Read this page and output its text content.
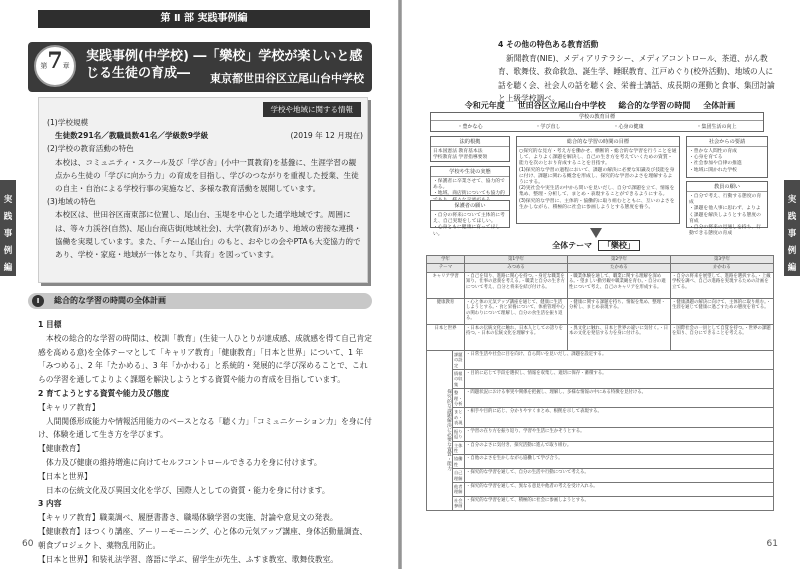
第 Ⅱ 部 実践事例編
実
践
事
例
編
第7章
実践事例(中学校) ―「樂校」学校が楽しいと感じる生徒の育成―	東京都世田谷区立尾山台中学校
学校や地域に関する情報
(1)学校規模
生徒数291名／教職員数41名／学級数9学級	(2019 年 12 月現在)
(2)学校の教育活動の特色
本校は、コミュニティ・スクール及び「学び舎」(小中一貫教育)を基盤に、生涯学習の観点から生徒の「学びに向かう力」の育成を目指し、学びのつながりを重視した授業、生徒の自主・自治による学校行事の実施など、多様な教育活動を展開しています。
(3)地域の特色
本校区は、世田谷区南東部に位置し、尾山台、玉堤を中心とした通学地域です。周囲には、等々力渓谷(自然)、尾山台商店街(地域社会)、大学(教育)があり、地域の密接な連携・協働を実現しています。また、「チーム尾山台」のもと、おやじの会やPTAも大変協力的であり、学校・家庭・地域が一体となり、「共育」を図っています。
Ⅰ	総合的な学習の時間の全体計画
1 目標
本校の総合的な学習の時間は、校訓「教育」(生徒一人ひとりが達成感、成就感を得て自己肯定感を高める意)を全体テーマとして「キャリア教育」「健康教育」「日本と世界」について、1 年「みつめる」、2 年「たかめる」、3 年「かかわる」と系統的・発展的に学び深めることで、これらの学習を通してよりよく課題を解決しようとする資質や能力の育成を目指しています。
2 育てようとする資質や能力及び態度
【キャリア教育】
人間関係形成能力や情報活用能力のベースとなる「聴く力」「コミュニケーション力」を身に付け、体験を通して生き方を学びます。
【健康教育】
体力及び健康の維持増進に向けてセルフコントロールできる力を身に付けます。
【日本と世界】
日本の伝統文化及び異国文化を学び、国際人としての資質・能力を身に付けます。
3 内容
【キャリア教育】職業調べ、履歴書書き、職場体験学習の実施、討論や意見文の発表。
【健康教育】ほつくり講座、アーリーモーニング、心と体の元気アップ講座、身体活動量調査、朝食プロジェクト、薬物乱用防止。
【日本と世界】和装礼法学習、落語に学ぶ、留学生が先生、ふすま教室、歌舞伎教室。
60
実
践
事
例
編
4 その他の特色ある教育活動
新聞教育(NIE)、メディアリテラシー、メディアコントロール、茶道、がん教育、歌舞伎、救命救急、誕生学、睡眠教育、江戸めぐり(校外活動)、地域の人に話を聴く会、社会人の話を聴く会、栄養士講話、成長期の運動と食事、集団討論と上級学校調べ。
令和元年度 世田谷区立尾山台中学校 総合的な学習の時間 全体計画
学校の教育目標
・豊かな心	・学び直し	・心身の健康	・集団生活の向上
法的根拠
日本国憲法 教育基本法
学校教育法 学習指導要領
学校や生徒の実態
・保護者に卒業させて、協力的である。
・地域、商店街についても協力的
保護者の願い
・自分の将来について主体的に考え、自己実現をしてほしい。
・心身ともに健康に育ってほしい。
総合的な学習の時間の目標
○探究的な見方・考え方を働かせ、横断的・総合的な学習を行うことを通して、よりよく課題を解決し、自己の生き方を考えていくための資質・能力を次のとおり育成することを目指す。
(1)探究的な学習の過程において、課題の解決に必要な知識及び技能を身に付け、課題に関わる概念を形成し、探究的な学習のよさを理解するようにする。
(2)実社会や実生活の中から問いを見いだし、自分で課題を立て、情報を集め、整理・分析して、まとめ・表現することができるようにする。
(3)探究的な学習に、主体的・協働的に取り組むとともに、互いのよさを生かしながら、積極的に社会に参画しようとする態度を養う。
社会からの要請
・豊かな人間性の育成
・心身を育てる
・社会参加や自律の推進
・地域に開かれた学校
教員の願い
・自分で考え、行動する態度の育成
・課題を他人事に思わず、よりよく課題を解決しようとする態度の育成
・自分の将来の見通しを持ち、行動できる態度の育成
全体テーマ 「樂校」
学年		第1学年	第2学年	第3学年
テーマ		みつめる	たかめる	かかわる
キャリア学習		・自己を知り、進路に関心を持つ。・身近な職業を知り、仕事の意義を考える。・職業と自分の生き方について考え、自分と将来を結び付ける。	・職業体験を通して、職業に関する理解を深める。・望ましい勤労観や職業観を育む。・自分の適性について考え、自己のキャリアを形成する。	・自分の将来を展望して、進路を選択する。・上級学校を調べ、自己の進路を実現するための計画を立てる。
健康教育		・心と体の元気アップ講座を通じて、健康に生活しようとする。・食と栄養について、体重管理や心の関わりについて理解し、自分の食生活を振り返る。	・健康に関する課題を持ち、情報を集め、整理・分析し、まとめ表現する。	・健康課題の解決に向けて、主体的に取り組む。・生涯を通じて健康に過ごすための態度を育てる。
日本と世界		・日本の伝統文化に触れ、日本人としての誇りを持つ。・日本の伝統文化を理解する。	・異文化に触れ、日本と世界の違いに気付く。・日本の文化を発信する力を身に付ける。	・国際社会の一員として自覚を持つ。・世界の課題を知り、自分にできることを考える。
探究的な課題解決に必要な資質・能力	課題の設定	・日常生活や社会に目を向け、自ら問いを見いだし、課題を設定する。		
	情報の収集	・目的に応じて手段を選択し、情報を収集し、適切に保存・蓄積する。		
	整理・分析	・問題状況における事実や関係を把握し、理解し、多様な情報の中にある特徴を見付ける。		
	まとめ・表現	・相手や目的に応じ、分かりやすくまとめ、根拠を示して表現する。		
	振り返り	・学習の在り方を振り返り、学習や生活に生かそうとする。		
	主体性	・自分のよさに気付き、探究活動に進んで取り組む。		
	協働性	・自他のよさを生かしながら協働して学び合う。		
	自己理解	・探究的な学習を通して、自分の生活や行動について考える。		
	他者理解	・探究的な学習を通して、異なる意見や他者の考えを受け入れる。		
	社会参画	・探究的な学習を通して、積極的に社会に参画しようとする。		
61
